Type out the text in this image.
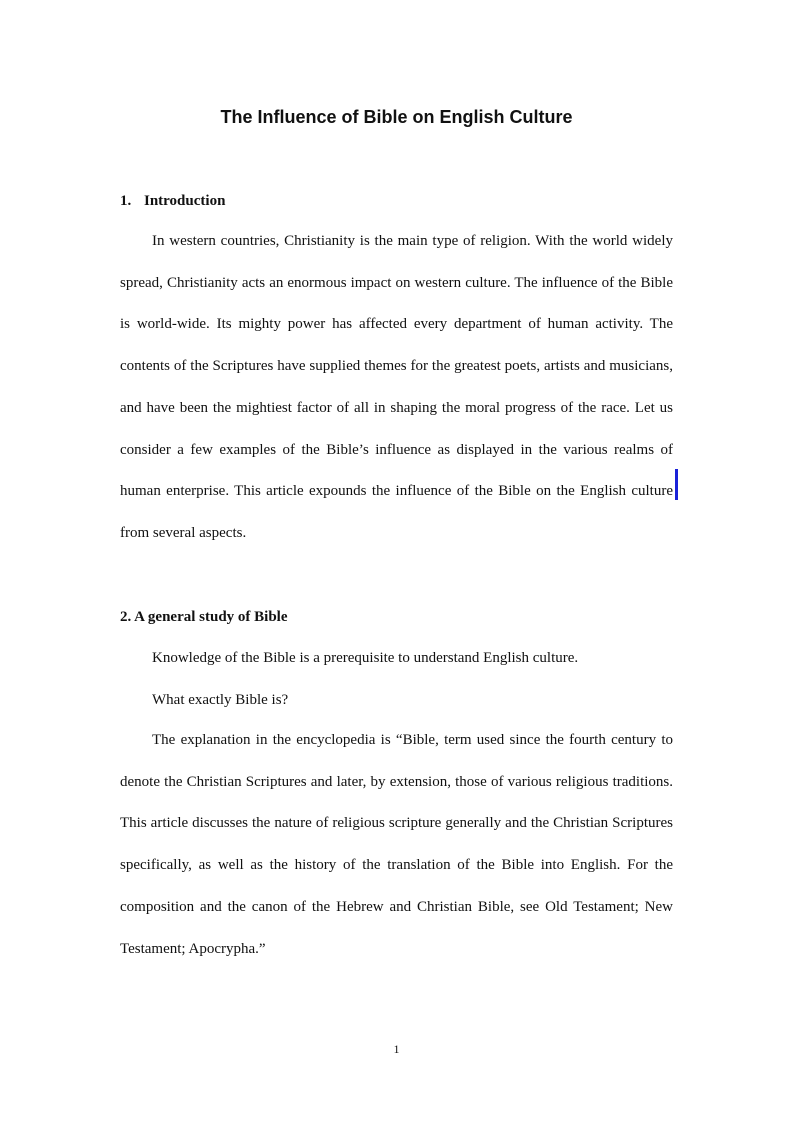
The Influence of Bible on English Culture
1. Introduction

In western countries, Christianity is the main type of religion. With the world widely spread, Christianity acts an enormous impact on western culture. The influence of the Bible is world-wide. Its mighty power has affected every department of human activity. The contents of the Scriptures have supplied themes for the greatest poets, artists and musicians, and have been the mightiest factor of all in shaping the moral progress of the race. Let us consider a few examples of the Bible’s influence as displayed in the various realms of human enterprise. This article expounds the influence of the Bible on the English culture from several aspects.

2. A general study of Bible

Knowledge of the Bible is a prerequisite to understand English culture.

What exactly Bible is?

The explanation in the encyclopedia is “Bible, term used since the fourth century to denote the Christian Scriptures and later, by extension, those of various religious traditions. This article discusses the nature of religious scripture generally and the Christian Scriptures specifically, as well as the history of the translation of the Bible into English. For the composition and the canon of the Hebrew and Christian Bible, see Old Testament; New Testament; Apocrypha.”

1
